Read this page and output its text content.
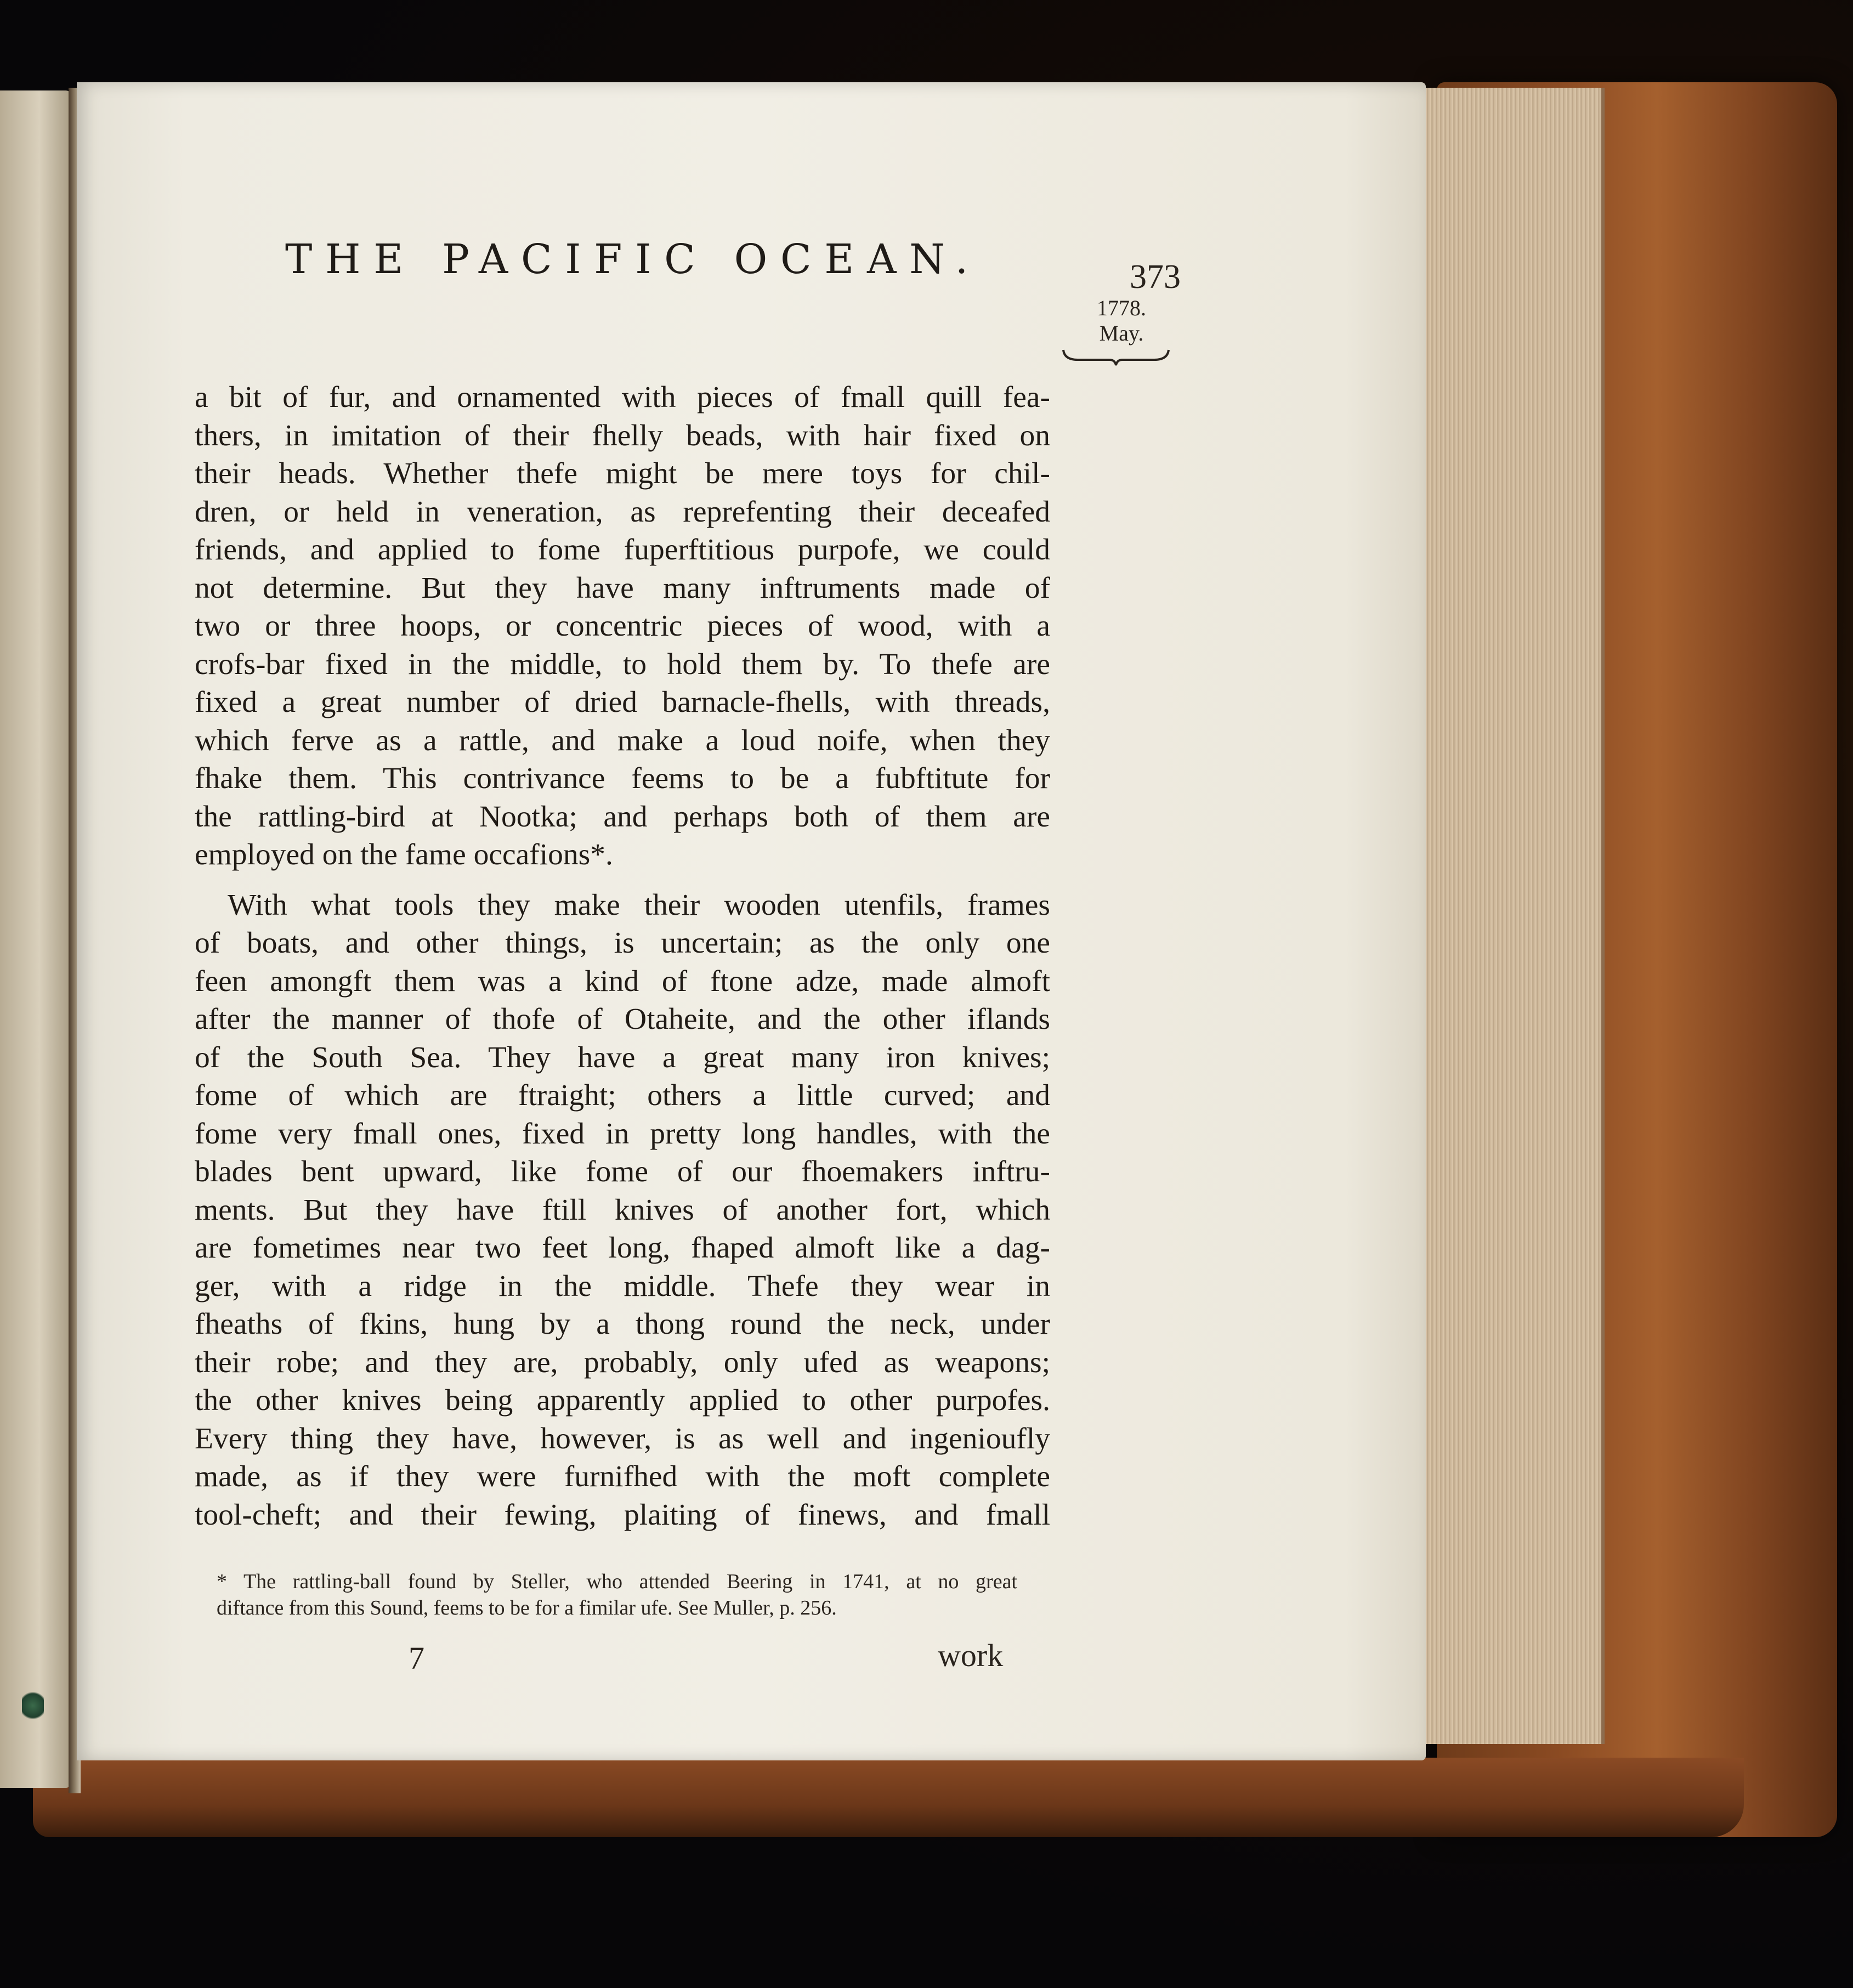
THE PACIFIC OCEAN.	373
1778.
May.
a bit of fur, and ornamented with pieces of fmall quill fea-
thers, in imitation of their fhelly beads, with hair fixed on
their heads. Whether thefe might be mere toys for chil-
dren, or held in veneration, as reprefenting their deceafed
friends, and applied to fome fuperftitious purpofe, we could
not determine. But they have many inftruments made of
two or three hoops, or concentric pieces of wood, with a
crofs-bar fixed in the middle, to hold them by. To thefe are
fixed a great number of dried barnacle-fhells, with threads,
which ferve as a rattle, and make a loud noife, when they
fhake them. This contrivance feems to be a fubftitute for
the rattling-bird at Nootka; and perhaps both of them are
employed on the fame occafions*.
With what tools they make their wooden utenfils, frames
of boats, and other things, is uncertain; as the only one
feen amongft them was a kind of ftone adze, made almoft
after the manner of thofe of Otaheite, and the other iflands
of the South Sea. They have a great many iron knives;
fome of which are ftraight; others a little curved; and
fome very fmall ones, fixed in pretty long handles, with the
blades bent upward, like fome of our fhoemakers inftru-
ments. But they have ftill knives of another fort, which
are fometimes near two feet long, fhaped almoft like a dag-
ger, with a ridge in the middle. Thefe they wear in
fheaths of fkins, hung by a thong round the neck, under
their robe; and they are, probably, only ufed as weapons;
the other knives being apparently applied to other purpofes.
Every thing they have, however, is as well and ingenioufly
made, as if they were furnifhed with the moft complete
tool-cheft; and their fewing, plaiting of finews, and fmall
* The rattling-ball found by Steller, who attended Beering in 1741, at no great
diftance from this Sound, feems to be for a fimilar ufe. See Muller, p. 256.
7	work
